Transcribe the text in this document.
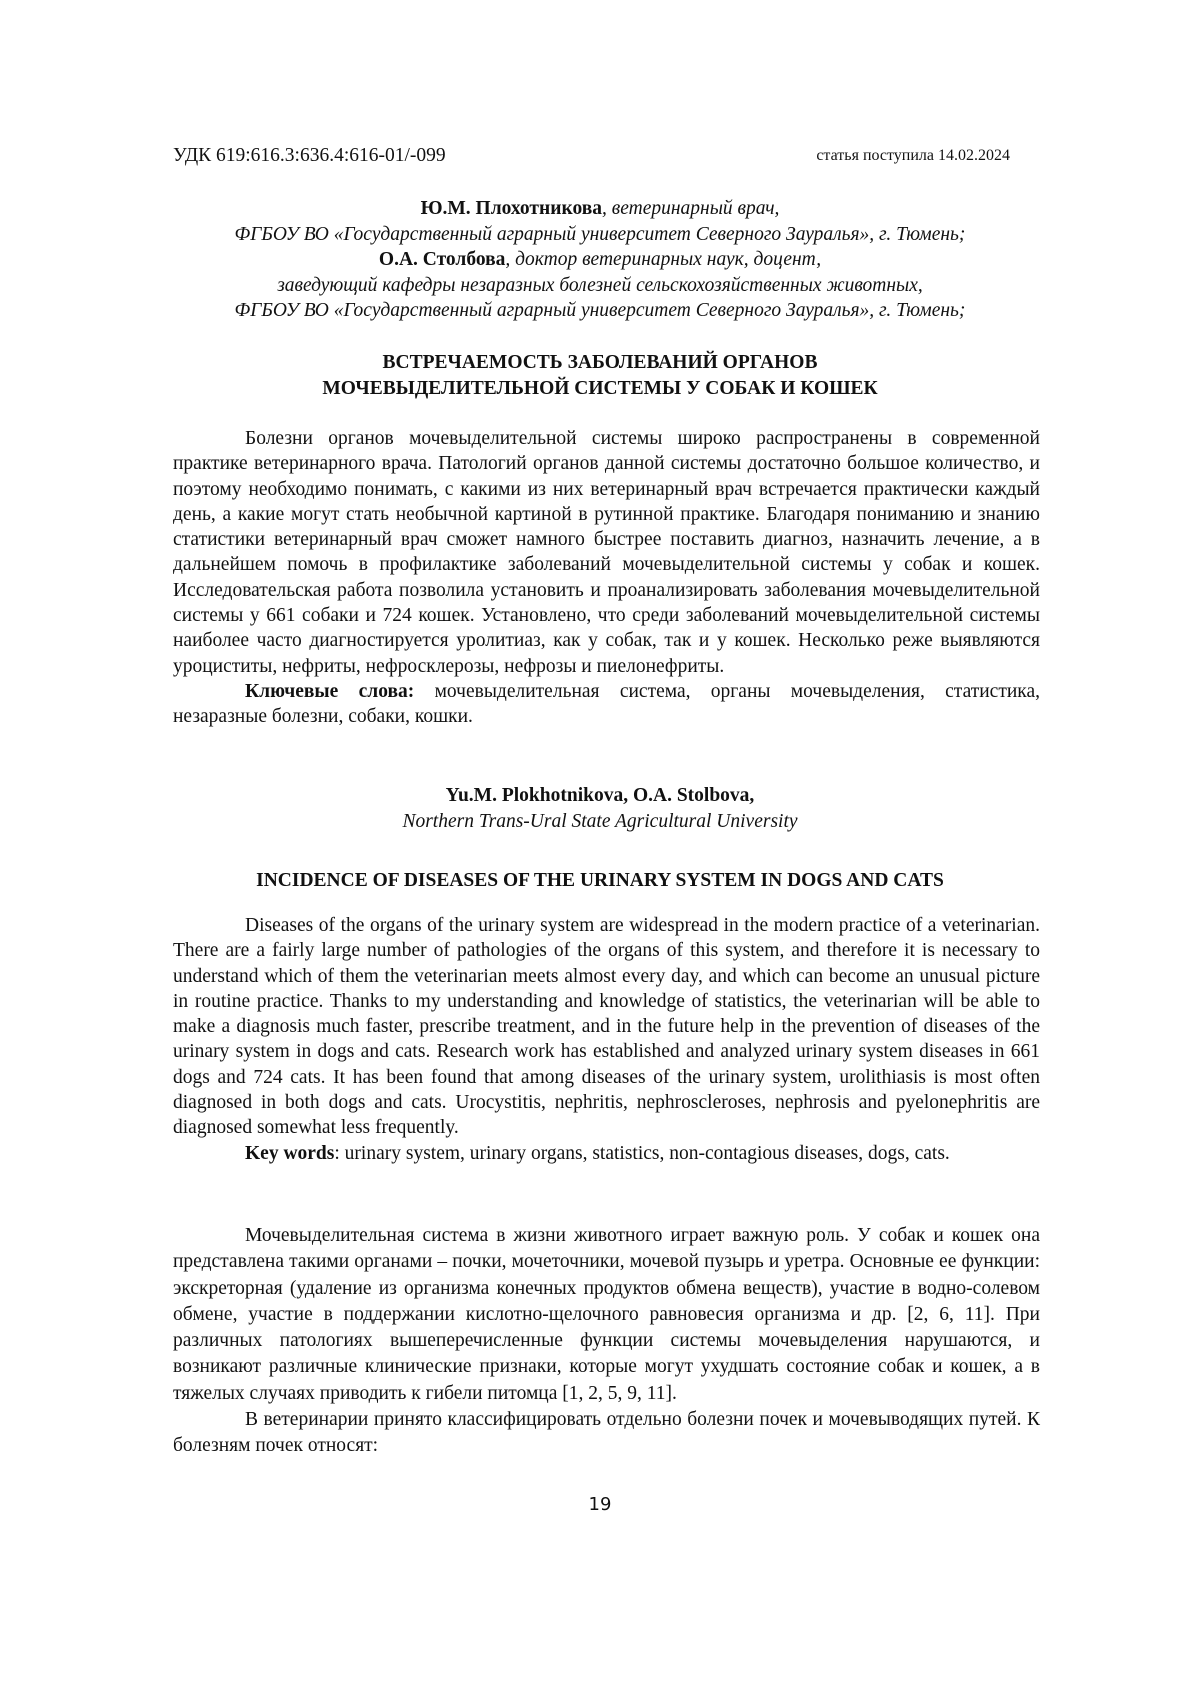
УДК 619:616.3:636.4:616-01/-099	статья поступила 14.02.2024
Ю.М. Плохотникова, ветеринарный врач,
ФГБОУ ВО «Государственный аграрный университет Северного Зауралья», г. Тюмень;
О.А. Столбова, доктор ветеринарных наук, доцент,
заведующий кафедры незаразных болезней сельскохозяйственных животных,
ФГБОУ ВО «Государственный аграрный университет Северного Зауралья», г. Тюмень;
ВСТРЕЧАЕМОСТЬ ЗАБОЛЕВАНИЙ ОРГАНОВ
МОЧЕВЫДЕЛИТЕЛЬНОЙ СИСТЕМЫ У СОБАК И КОШЕК

Болезни органов мочевыделительной системы широко распространены в современной практике ветеринарного врача. Патологий органов данной системы достаточно большое количество, и поэтому необходимо понимать, с какими из них ветеринарный врач встречается практически каждый день, а какие могут стать необычной картиной в рутинной практике. Благодаря пониманию и знанию статистики ветеринарный врач сможет намного быстрее поставить диагноз, назначить лечение, а в дальнейшем помочь в профилактике заболеваний мочевыделительной системы у собак и кошек. Исследовательская работа позволила установить и проанализировать заболевания мочевыделительной системы у 661 собаки и 724 кошек. Установлено, что среди заболеваний мочевыделительной системы наиболее часто диагностируется уролитиаз, как у собак, так и у кошек. Несколько реже выявляются уроциститы, нефриты, нефросклерозы, нефрозы и пиелонефриты.

Ключевые слова: мочевыделительная система, органы мочевыделения, статистика, незаразные болезни, собаки, кошки.

Yu.M. Plokhotnikova, O.A. Stolbova,
Northern Trans-Ural State Agricultural University
INCIDENCE OF DISEASES OF THE URINARY SYSTEM IN DOGS AND CATS

Diseases of the organs of the urinary system are widespread in the modern practice of a veterinarian. There are a fairly large number of pathologies of the organs of this system, and therefore it is necessary to understand which of them the veterinarian meets almost every day, and which can become an unusual picture in routine practice. Thanks to my understanding and knowledge of statistics, the veterinarian will be able to make a diagnosis much faster, prescribe treatment, and in the future help in the prevention of diseases of the urinary system in dogs and cats. Research work has established and analyzed urinary system diseases in 661 dogs and 724 cats. It has been found that among diseases of the urinary system, urolithiasis is most often diagnosed in both dogs and cats. Urocystitis, nephritis, nephroscleroses, nephrosis and pyelonephritis are diagnosed somewhat less frequently.

Key words: urinary system, urinary organs, statistics, non-contagious diseases, dogs, cats.

Мочевыделительная система в жизни животного играет важную роль. У собак и кошек она представлена такими органами – почки, мочеточники, мочевой пузырь и уретра. Основные ее функции: экскреторная (удаление из организма конечных продуктов обмена веществ), участие в водно-солевом обмене, участие в поддержании кислотно-щелочного равновесия организма и др. [2, 6, 11]. При различных патологиях вышеперечисленные функции системы мочевыделения нарушаются, и возникают различные клинические признаки, которые могут ухудшать состояние собак и кошек, а в тяжелых случаях приводить к гибели питомца [1, 2, 5, 9, 11].

В ветеринарии принято классифицировать отдельно болезни почек и мочевыводящих путей. К болезням почек относят:

19
